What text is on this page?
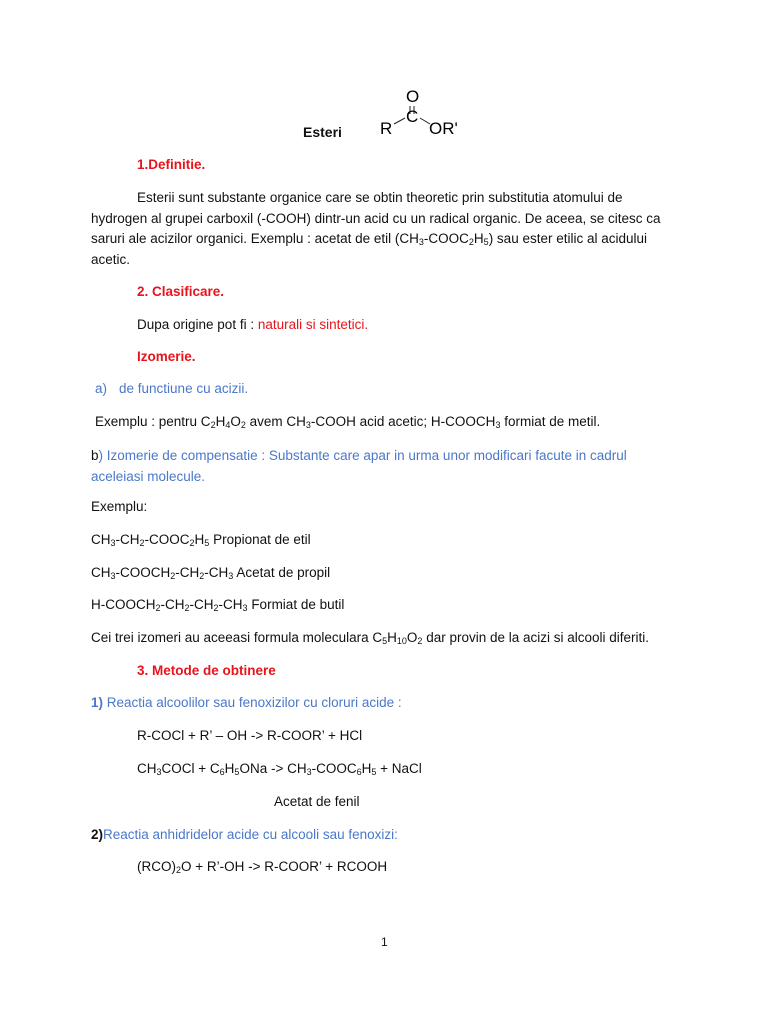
Esteri
O
C
R OR'
1.Definitie.
Esterii sunt substante organice care se obtin theoretic prin substitutia atomului de hydrogen al grupei carboxil (-COOH) dintr-un acid cu un radical organic. De aceea, se citesc ca saruri ale acizilor organici. Exemplu : acetat de etil $(CH_3-COOC_2H_5)$ sau ester etilic al acidului acetic.
2. Clasificare.
Dupa origine pot fi : naturali si sintetici.
Izomerie.
a) de functiune cu acizii.
Exemplu : pentru $C_2H_4O_2$ avem $CH_3$-COOH acid acetic; $H-COOCH_3$ formiat de metil.
b) Izomerie de compensatie : Substante care apar in urma unor modificari facute in cadrul aceleiasi molecule.
Exemplu:
$CH_3-CH_2-COOC_2H_5$ Propionat de etil
$CH_3-COOCH_2-CH_2-CH_3$ Acetat de propil
$H-COOCH_2-CH_2-CH_2-CH_3$ Formiat de butil
Cei trei izomeri au aceeasi formula moleculara $C_5H_{10}O_2$ dar provin de la acizi si alcooli diferiti.
3. Metode de obtinere
1) Reactia alcoolilor sau fenoxizilor cu cloruri acide :
R-COCl + R’ – OH -> R-COOR’ + HCl
$CH_3COCl + C_6H_5ONa$ -> $CH_3-COOC_6H_5$ + NaCl
Acetat de fenil
2)Reactia anhidridelor acide cu alcooli sau fenoxizi:
$(RCO)_2O$ + R’-OH -> R-COOR’ + RCOOH
1
